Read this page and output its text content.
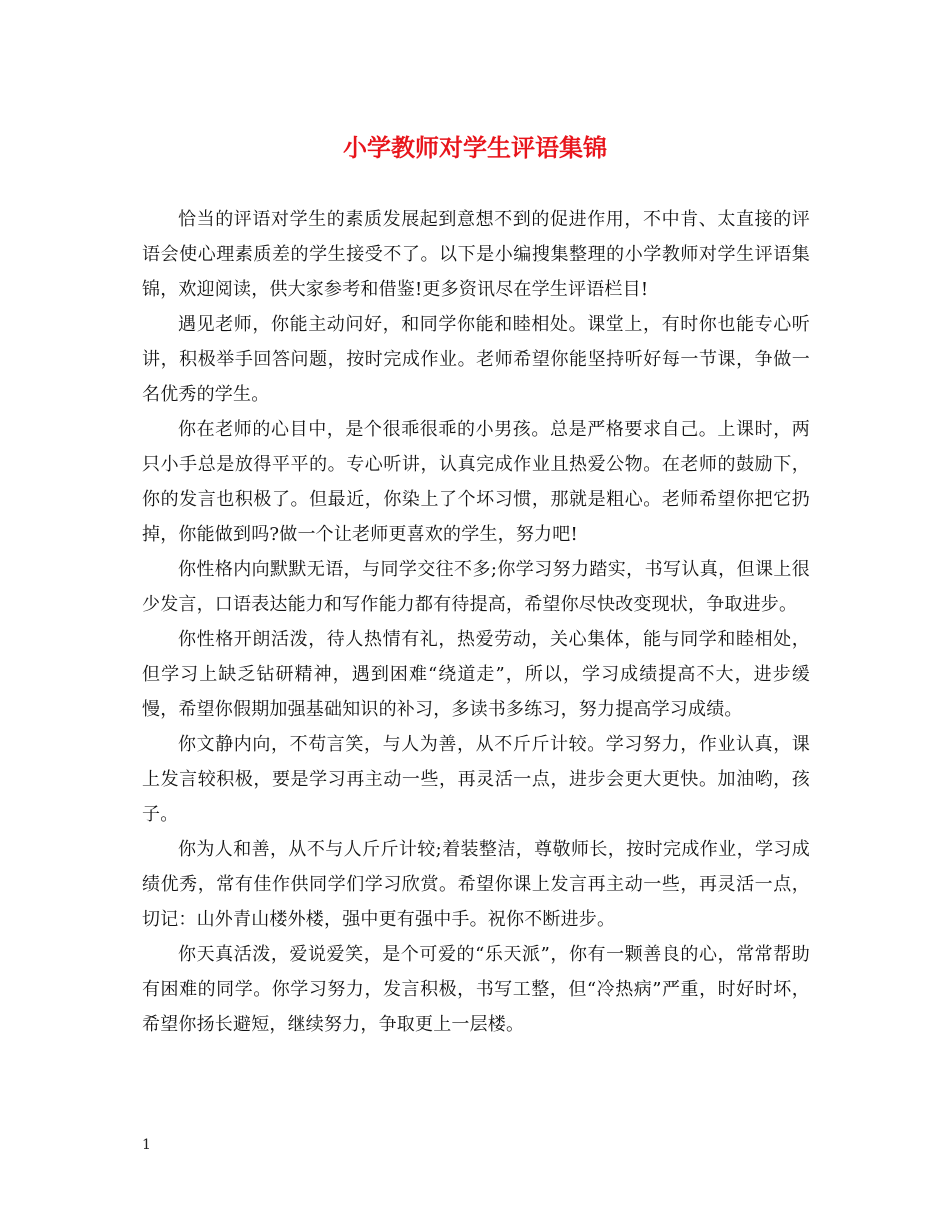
小学教师对学生评语集锦

恰当的评语对学生的素质发展起到意想不到的促进作用，不中肯、太直接的评语会使心理素质差的学生接受不了。以下是小编搜集整理的小学教师对学生评语集锦，欢迎阅读，供大家参考和借鉴!更多资讯尽在学生评语栏目!

遇见老师，你能主动问好，和同学你能和睦相处。课堂上，有时你也能专心听讲，积极举手回答问题，按时完成作业。老师希望你能坚持听好每一节课，争做一名优秀的学生。

你在老师的心目中，是个很乖很乖的小男孩。总是严格要求自己。上课时，两只小手总是放得平平的。专心听讲，认真完成作业且热爱公物。在老师的鼓励下，你的发言也积极了。但最近，你染上了个坏习惯，那就是粗心。老师希望你把它扔掉，你能做到吗?做一个让老师更喜欢的学生，努力吧!

你性格内向默默无语，与同学交往不多;你学习努力踏实，书写认真，但课上很少发言，口语表达能力和写作能力都有待提高，希望你尽快改变现状，争取进步。

你性格开朗活泼，待人热情有礼，热爱劳动，关心集体，能与同学和睦相处，但学习上缺乏钻研精神，遇到困难“绕道走”，所以，学习成绩提高不大，进步缓慢，希望你假期加强基础知识的补习，多读书多练习，努力提高学习成绩。

你文静内向，不苟言笑，与人为善，从不斤斤计较。学习努力，作业认真，课上发言较积极，要是学习再主动一些，再灵活一点，进步会更大更快。加油哟，孩子。

你为人和善，从不与人斤斤计较;着装整洁，尊敬师长，按时完成作业，学习成绩优秀，常有佳作供同学们学习欣赏。希望你课上发言再主动一些，再灵活一点，切记：山外青山楼外楼，强中更有强中手。祝你不断进步。

你天真活泼，爱说爱笑，是个可爱的“乐天派”，你有一颗善良的心，常常帮助有困难的同学。你学习努力，发言积极，书写工整，但“冷热病”严重，时好时坏，希望你扬长避短，继续努力，争取更上一层楼。

1
